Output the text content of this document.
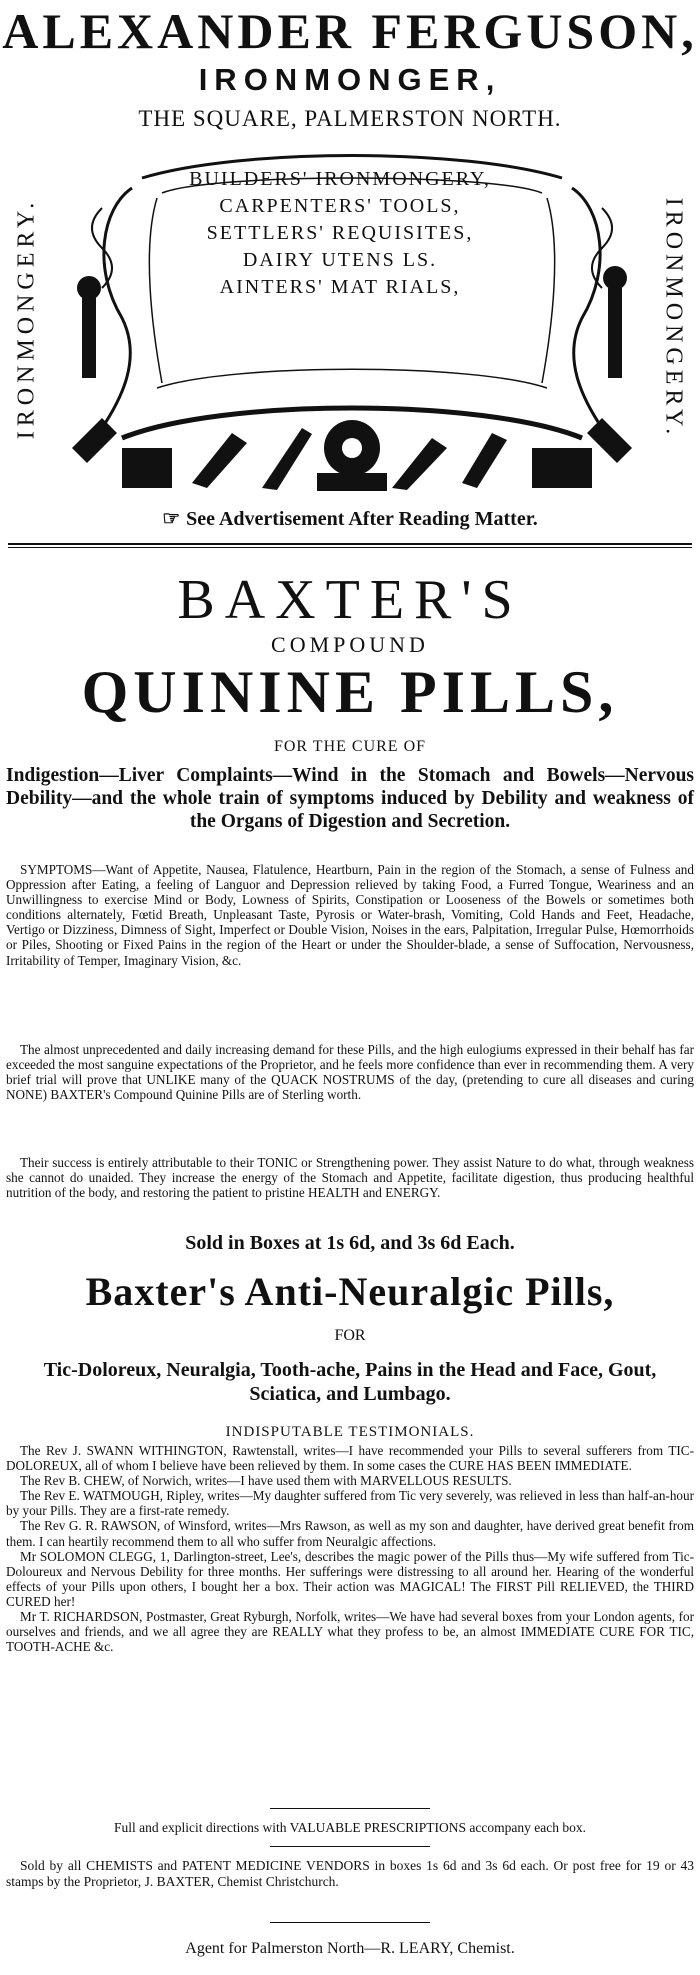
ALEXANDER FERGUSON,
IRONMONGER,
THE SQUARE, PALMERSTON NORTH.
IRONMONGERY.	IRONMONGERY.
BUILDERS' IRONMONGERY,
CARPENTERS' TOOLS,
SETTLERS' REQUISITES,
DAIRY UTENS LS.
AINTERS' MAT RIALS,
☞ See Advertisement After Reading Matter.
BAXTER'S
COMPOUND
QUININE PILLS,
FOR THE CURE OF
Indigestion—Liver Complaints—Wind in the Stomach and Bowels—Nervous Debility—and the whole train of symptoms induced by Debility and weakness of the Organs of Digestion and Secretion.

SYMPTOMS—Want of Appetite, Nausea, Flatulence, Heartburn, Pain in the region of the Stomach, a sense of Fulness and Oppression after Eating, a feeling of Languor and Depression relieved by taking Food, a Furred Tongue, Weariness and an Unwillingness to exercise Mind or Body, Lowness of Spirits, Constipation or Looseness of the Bowels or sometimes both conditions alternately, Fœtid Breath, Unpleasant Taste, Pyrosis or Water-brash, Vomiting, Cold Hands and Feet, Headache, Vertigo or Dizziness, Dimness of Sight, Imperfect or Double Vision, Noises in the ears, Palpitation, Irregular Pulse, Hœmorrhoids or Piles, Shooting or Fixed Pains in the region of the Heart or under the Shoulder-blade, a sense of Suffocation, Nervousness, Irritability of Temper, Imaginary Vision, &c.

The almost unprecedented and daily increasing demand for these Pills, and the high eulogiums expressed in their behalf has far exceeded the most sanguine expectations of the Proprietor, and he feels more confidence than ever in recommending them. A very brief trial will prove that UNLIKE many of the QUACK NOSTRUMS of the day, (pretending to cure all diseases and curing NONE) BAXTER's Compound Quinine Pills are of Sterling worth.

Their success is entirely attributable to their TONIC or Strengthening power. They assist Nature to do what, through weakness she cannot do unaided. They increase the energy of the Stomach and Appetite, facilitate digestion, thus producing healthful nutrition of the body, and restoring the patient to pristine HEALTH and ENERGY.

Sold in Boxes at 1s 6d, and 3s 6d Each.
Baxter's Anti-Neuralgic Pills,
FOR
Tic-Doloreux, Neuralgia, Tooth-ache, Pains in the Head and Face, Gout, Sciatica, and Lumbago.
INDISPUTABLE TESTIMONIALS.

The Rev J. SWANN WITHINGTON, Rawtenstall, writes—I have recommended your Pills to several sufferers from TIC-DOLOREUX, all of whom I believe have been relieved by them. In some cases the CURE HAS BEEN IMMEDIATE.

The Rev B. CHEW, of Norwich, writes—I have used them with MARVELLOUS RESULTS.

The Rev E. WATMOUGH, Ripley, writes—My daughter suffered from Tic very severely, was relieved in less than half-an-hour by your Pills. They are a first-rate remedy.

The Rev G. R. RAWSON, of Winsford, writes—Mrs Rawson, as well as my son and daughter, have derived great benefit from them. I can heartily recommend them to all who suffer from Neuralgic affections.

Mr SOLOMON CLEGG, 1, Darlington-street, Lee's, describes the magic power of the Pills thus—My wife suffered from Tic-Doloureux and Nervous Debility for three months. Her sufferings were distressing to all around her. Hearing of the wonderful effects of your Pills upon others, I bought her a box. Their action was MAGICAL! The FIRST Pill RELIEVED, the THIRD CURED her!

Mr T. RICHARDSON, Postmaster, Great Ryburgh, Norfolk, writes—We have had several boxes from your London agents, for ourselves and friends, and we all agree they are REALLY what they profess to be, an almost IMMEDIATE CURE FOR TIC, TOOTH-ACHE &c.

Full and explicit directions with VALUABLE PRESCRIPTIONS accompany each box.
Sold by all CHEMISTS and PATENT MEDICINE VENDORS in boxes 1s 6d and 3s 6d each. Or post free for 19 or 43 stamps by the Proprietor, J. BAXTER, Chemist Christchurch.
Agent for Palmerston North—R. LEARY, Chemist.
